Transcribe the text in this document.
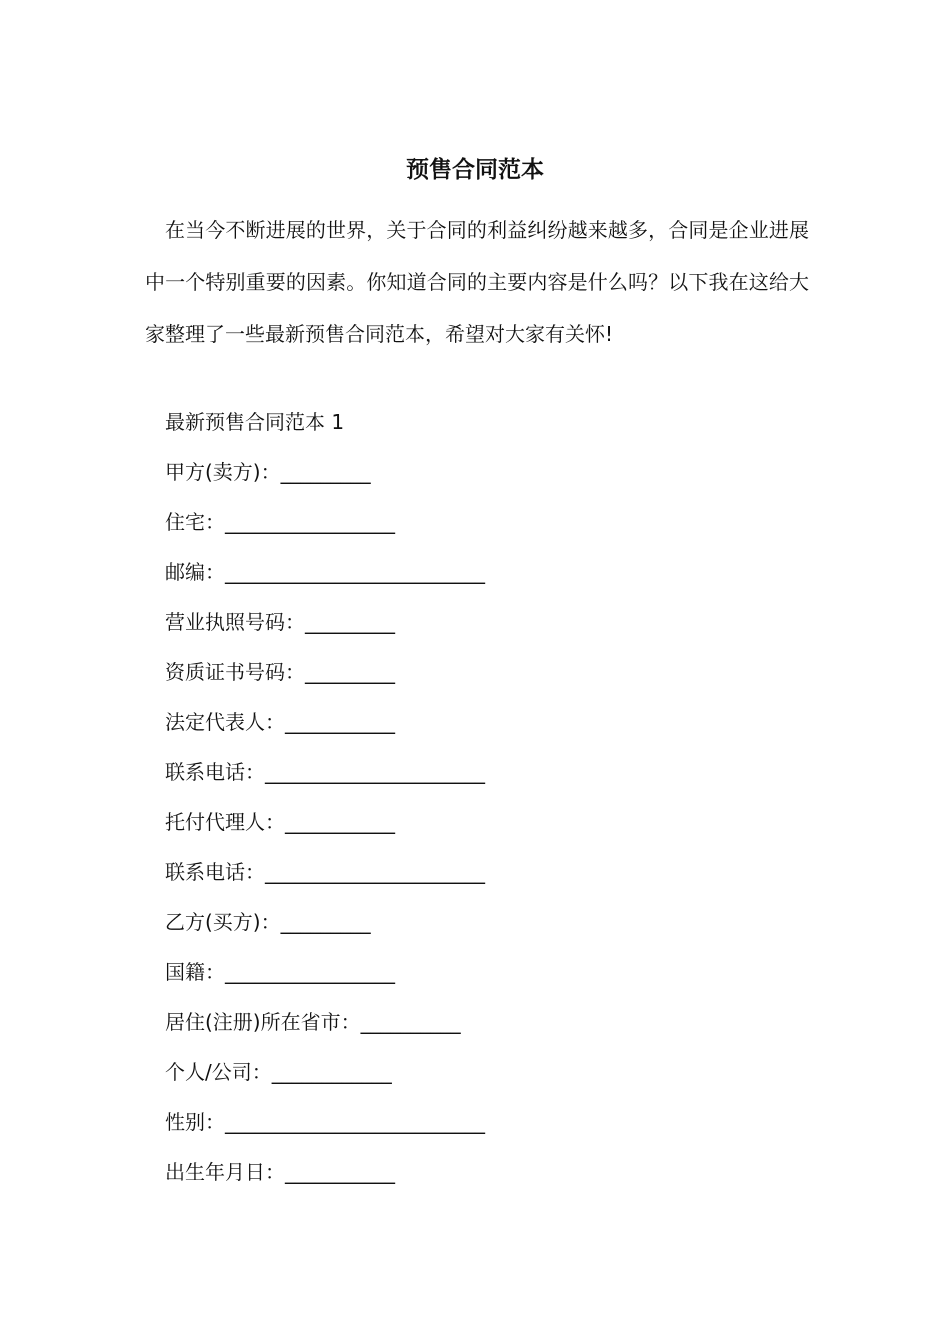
预售合同范本

在当今不断进展的世界，关于合同的利益纠纷越来越多，合同是企业进展中一个特别重要的因素。你知道合同的主要内容是什么吗？以下我在这给大家整理了一些最新预售合同范本，希望对大家有关怀!

最新预售合同范本 1
甲方(卖方)：_________
住宅：_________________
邮编：__________________________
营业执照号码：_________
资质证书号码：_________
法定代表人：___________
联系电话：______________________
托付代理人：___________
联系电话：______________________
乙方(买方)：_________
国籍：_________________
居住(注册)所在省市：__________
个人/公司：____________
性别：__________________________
出生年月日：___________
